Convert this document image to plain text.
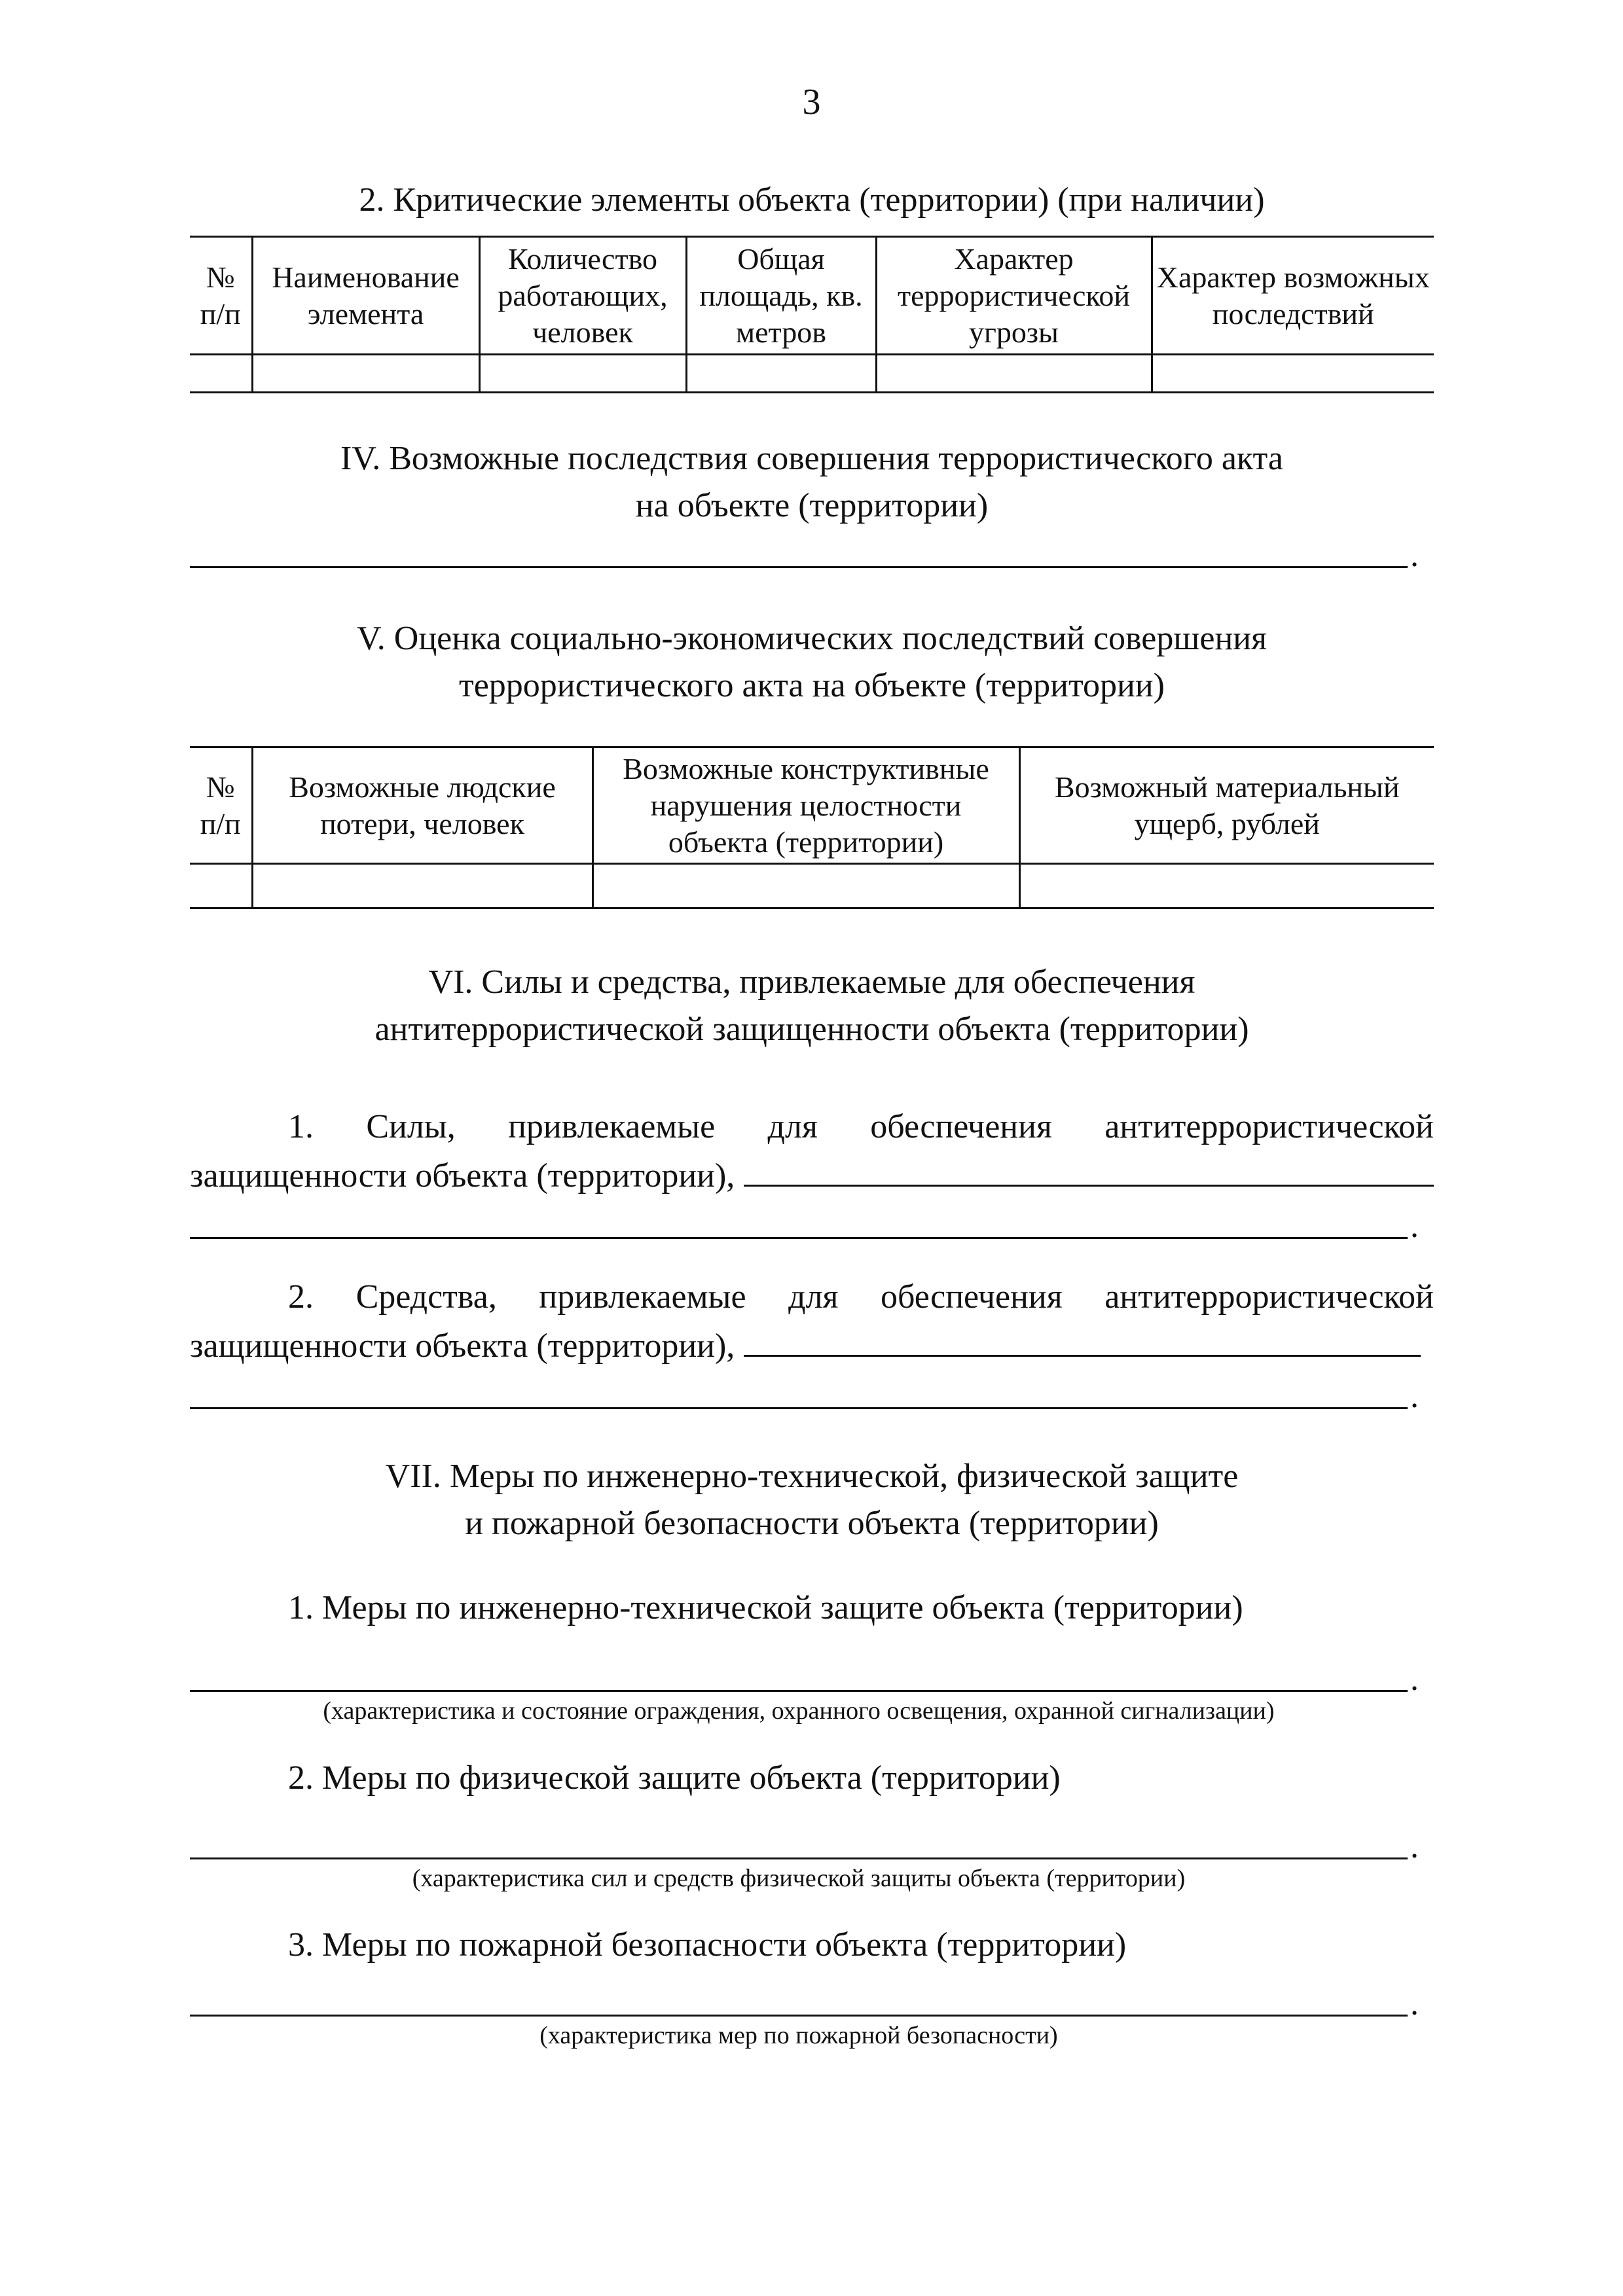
3
2. Критические элементы объекта (территории) (при наличии)
№ п/п	Наименование элемента	Количество работающих, человек	Общая площадь, кв. метров	Характер террористической угрозы	Характер возможных последствий

IV. Возможные последствия совершения террористического акта
на объекте (территории)
.
V. Оценка социально-экономических последствий совершения
террористического акта на объекте (территории)
№ п/п	Возможные людские потери, человек	Возможные конструктивные нарушения целостности объекта (территории)	Возможный материальный ущерб, рублей

VI. Силы и средства, привлекаемые для обеспечения
антитеррористической защищенности объекта (территории)
1. Силы, привлекаемые для обеспечения антитеррористической
защищенности объекта (территории),
.
2. Средства, привлекаемые для обеспечения антитеррористической
защищенности объекта (территории),
.
VII. Меры по инженерно-технической, физической защите
и пожарной безопасности объекта (территории)
1. Меры по инженерно-технической защите объекта (территории)
.
(характеристика и состояние ограждения, охранного освещения, охранной сигнализации)
2. Меры по физической защите объекта (территории)
.
(характеристика сил и средств физической защиты объекта (территории)
3. Меры по пожарной безопасности объекта (территории)
.
(характеристика мер по пожарной безопасности)
